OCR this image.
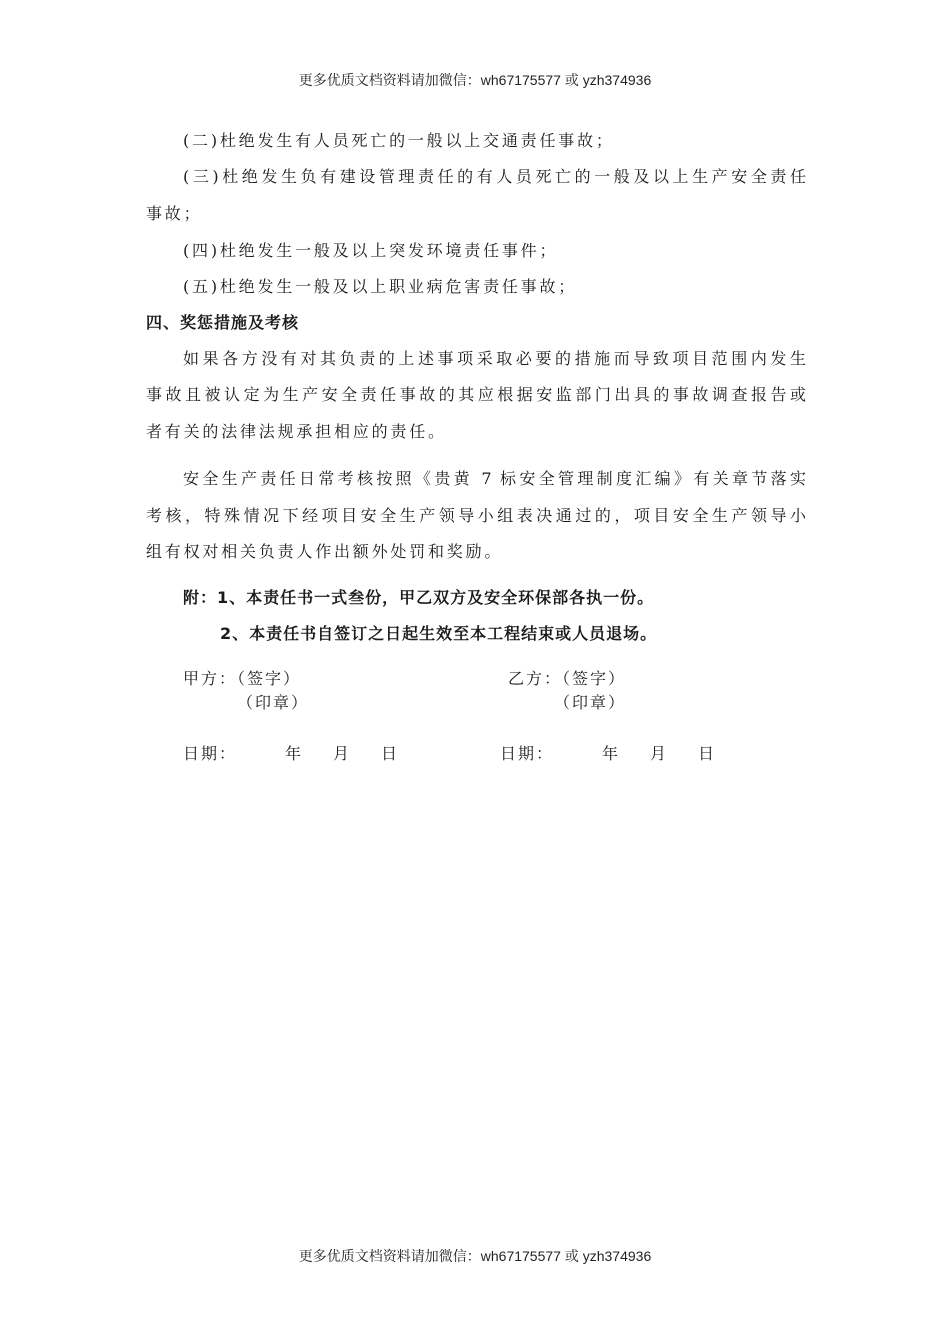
更多优质文档资料请加微信：wh67175577 或 yzh374936
(二)杜绝发生有人员死亡的一般以上交通责任事故；
(三)杜绝发生负有建设管理责任的有人员死亡的一般及以上生产安全责任
事故；
(四)杜绝发生一般及以上突发环境责任事件；
(五)杜绝发生一般及以上职业病危害责任事故；
四、奖惩措施及考核
如果各方没有对其负责的上述事项采取必要的措施而导致项目范围内发生
事故且被认定为生产安全责任事故的其应根据安监部门出具的事故调查报告或
者有关的法律法规承担相应的责任。
安全生产责任日常考核按照《贵黄 7 标安全管理制度汇编》有关章节落实
考核，特殊情况下经项目安全生产领导小组表决通过的，项目安全生产领导小
组有权对相关负责人作出额外处罚和奖励。
附：1、本责任书一式叁份，甲乙双方及安全环保部各执一份。
2、本责任书自签订之日起生效至本工程结束或人员退场。
甲方：（签字）
（印章）
乙方：（签字）
（印章）
日期：	年 月 日	日期：	年 月 日
更多优质文档资料请加微信：wh67175577 或 yzh374936
